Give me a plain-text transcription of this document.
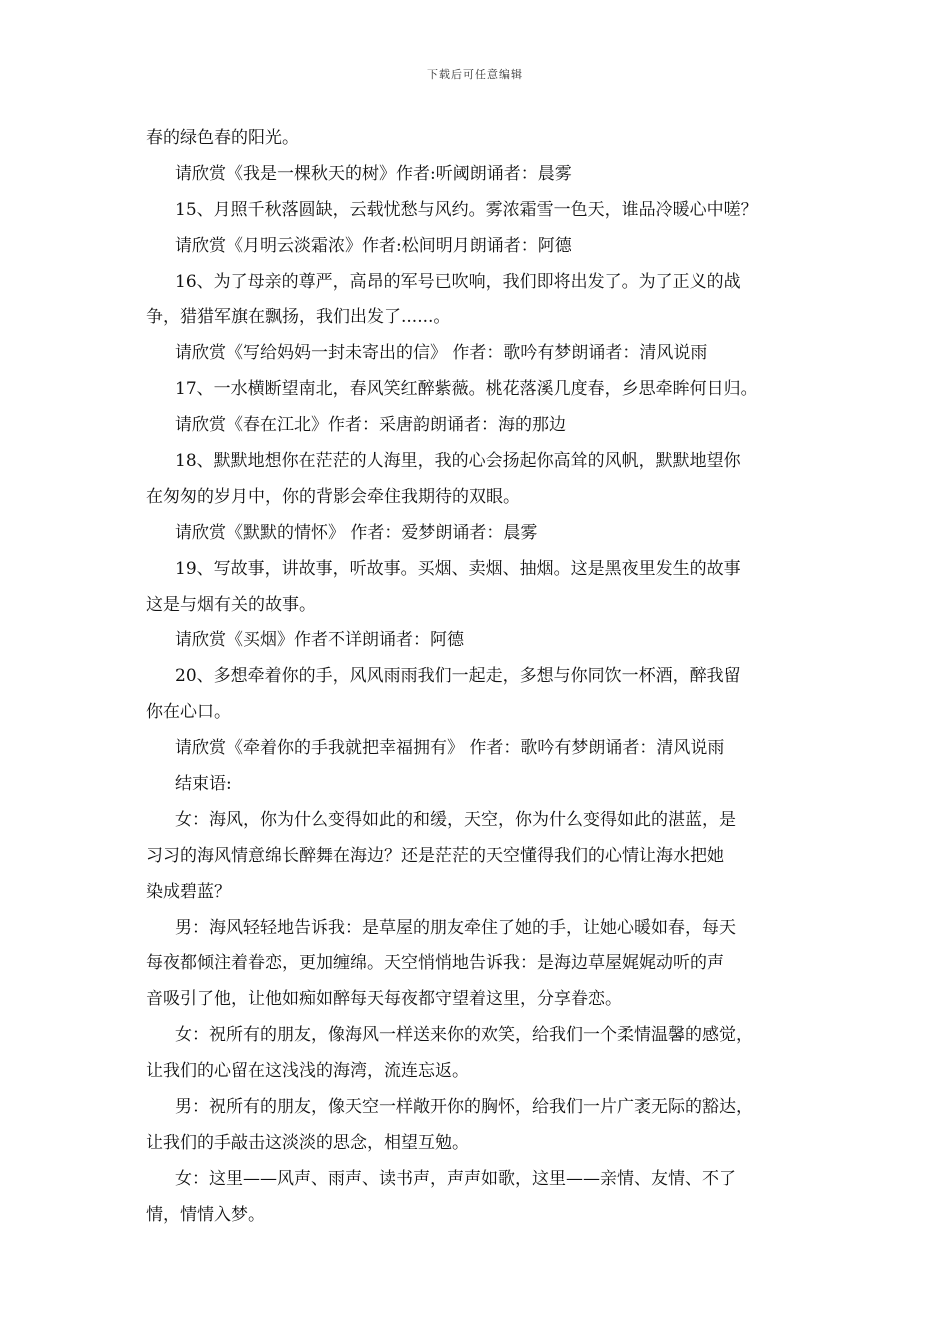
下载后可任意编辑
春的绿色春的阳光。
请欣赏《我是一棵秋天的树》作者:听阈朗诵者：晨雾
15、月照千秋落圆缺，云载忧愁与风约。雾浓霜雪一色天，谁品冷暖心中嗟？
请欣赏《月明云淡霜浓》作者:松间明月朗诵者：阿德
16、为了母亲的尊严，高昂的军号已吹响，我们即将出发了。为了正义的战
争，猎猎军旗在飘扬，我们出发了......。
请欣赏《写给妈妈一封未寄出的信》 作者：歌吟有梦朗诵者：清风说雨
17、一水横断望南北，春风笑红醉紫薇。桃花落溪几度春，乡思牵眸何日归。
请欣赏《春在江北》作者：采唐韵朗诵者：海的那边
18、默默地想你在茫茫的人海里，我的心会扬起你高耸的风帆，默默地望你
在匆匆的岁月中，你的背影会牵住我期待的双眼。
请欣赏《默默的情怀》 作者：爱梦朗诵者：晨雾
19、写故事，讲故事，听故事。买烟、卖烟、抽烟。这是黑夜里发生的故事
这是与烟有关的故事。
请欣赏《买烟》作者不详朗诵者：阿德
20、多想牵着你的手，风风雨雨我们一起走，多想与你同饮一杯酒，醉我留
你在心口。
请欣赏《牵着你的手我就把幸福拥有》 作者：歌吟有梦朗诵者：清风说雨
结束语:
女：海风，你为什么变得如此的和缓，天空，你为什么变得如此的湛蓝，是
习习的海风情意绵长醉舞在海边？还是茫茫的天空懂得我们的心情让海水把她
染成碧蓝？
男：海风轻轻地告诉我：是草屋的朋友牵住了她的手，让她心暖如春，每天
每夜都倾注着眷恋，更加缠绵。天空悄悄地告诉我：是海边草屋娓娓动听的声
音吸引了他，让他如痴如醉每天每夜都守望着这里，分享眷恋。
女：祝所有的朋友，像海风一样送来你的欢笑，给我们一个柔情温馨的感觉，
让我们的心留在这浅浅的海湾，流连忘返。
男：祝所有的朋友，像天空一样敞开你的胸怀，给我们一片广袤无际的豁达，
让我们的手敲击这淡淡的思念，相望互勉。
女：这里——风声、雨声、读书声，声声如歌，这里——亲情、友情、不了
情，情情入梦。
